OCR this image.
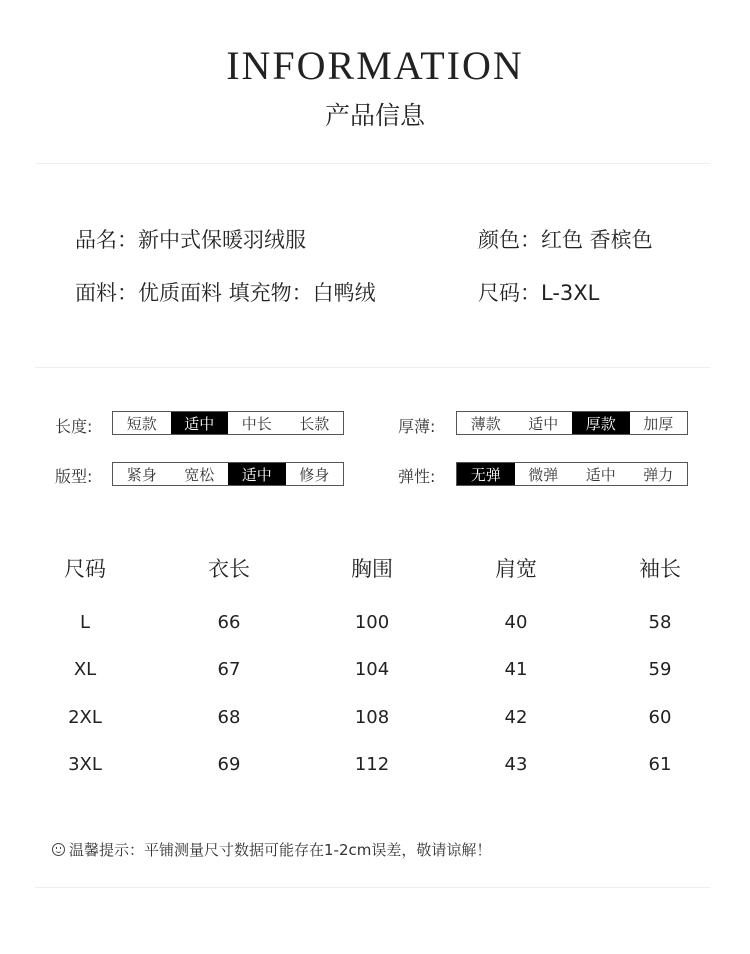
INFORMATION
产品信息
品名：新中式保暖羽绒服	颜色：红色 香槟色
面料：优质面料 填充物：白鸭绒	尺码：L-3XL
长度:	短款	适中	中长	长款
版型:	紧身	宽松	适中	修身
厚薄:	薄款	适中	厚款	加厚
弹性:	无弹	微弹	适中	弹力
尺码	衣长	胸围	肩宽	袖长
L	66	100	40	58
XL	67	104	41	59
2XL	68	108	42	60
3XL	69	112	43	61
温馨提示：平铺测量尺寸数据可能存在1-2cm误差，敬请谅解！
